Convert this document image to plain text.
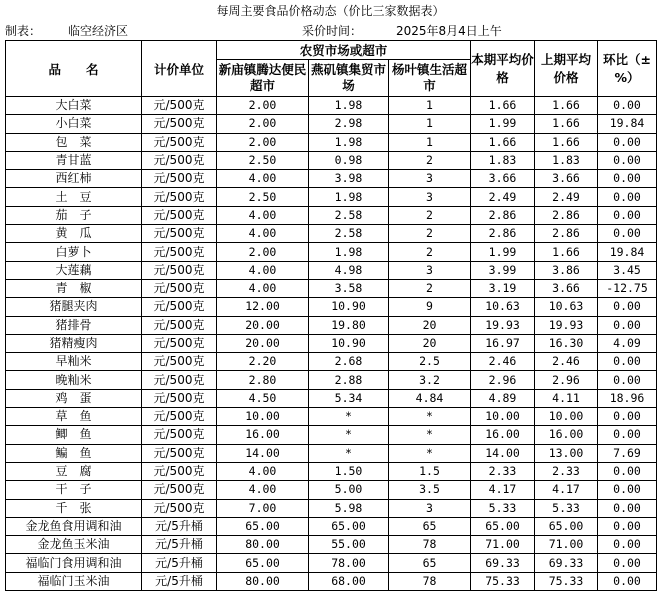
每周主要食品价格动态（价比三家数据表）
制表： 临空经济区	采价时间：	2025年8月4日上午
品　　名	计价单位	农贸市场或超市			本期平均价格	上期平均价格	环比（±%）
		新庙镇腾达便民超市	燕矶镇集贸市场	杨叶镇生活超市			
大白菜	元/500克	2.00	1.98	1	1.66	1.66	0.00
小白菜	元/500克	2.00	2.98	1	1.99	1.66	19.84
包　菜	元/500克	2.00	1.98	1	1.66	1.66	0.00
青甘蓝	元/500克	2.50	0.98	2	1.83	1.83	0.00
西红柿	元/500克	4.00	3.98	3	3.66	3.66	0.00
土　豆	元/500克	2.50	1.98	3	2.49	2.49	0.00
茄　子	元/500克	4.00	2.58	2	2.86	2.86	0.00
黄　瓜	元/500克	4.00	2.58	2	2.86	2.86	0.00
白萝卜	元/500克	2.00	1.98	2	1.99	1.66	19.84
大莲藕	元/500克	4.00	4.98	3	3.99	3.86	3.45
青　椒	元/500克	4.00	3.58	2	3.19	3.66	-12.75
猪腿夹肉	元/500克	12.00	10.90	9	10.63	10.63	0.00
猪排骨	元/500克	20.00	19.80	20	19.93	19.93	0.00
猪精瘦肉	元/500克	20.00	10.90	20	16.97	16.30	4.09
早籼米	元/500克	2.20	2.68	2.5	2.46	2.46	0.00
晚籼米	元/500克	2.80	2.88	3.2	2.96	2.96	0.00
鸡　蛋	元/500克	4.50	5.34	4.84	4.89	4.11	18.96
草　鱼	元/500克	10.00	*	*	10.00	10.00	0.00
鲫　鱼	元/500克	16.00	*	*	16.00	16.00	0.00
鳊　鱼	元/500克	14.00	*	*	14.00	13.00	7.69
豆　腐	元/500克	4.00	1.50	1.5	2.33	2.33	0.00
干　子	元/500克	4.00	5.00	3.5	4.17	4.17	0.00
千　张	元/500克	7.00	5.98	3	5.33	5.33	0.00
金龙鱼食用调和油	元/5升桶	65.00	65.00	65	65.00	65.00	0.00
金龙鱼玉米油	元/5升桶	80.00	55.00	78	71.00	71.00	0.00
福临门食用调和油	元/5升桶	65.00	78.00	65	69.33	69.33	0.00
福临门玉米油	元/5升桶	80.00	68.00	78	75.33	75.33	0.00
